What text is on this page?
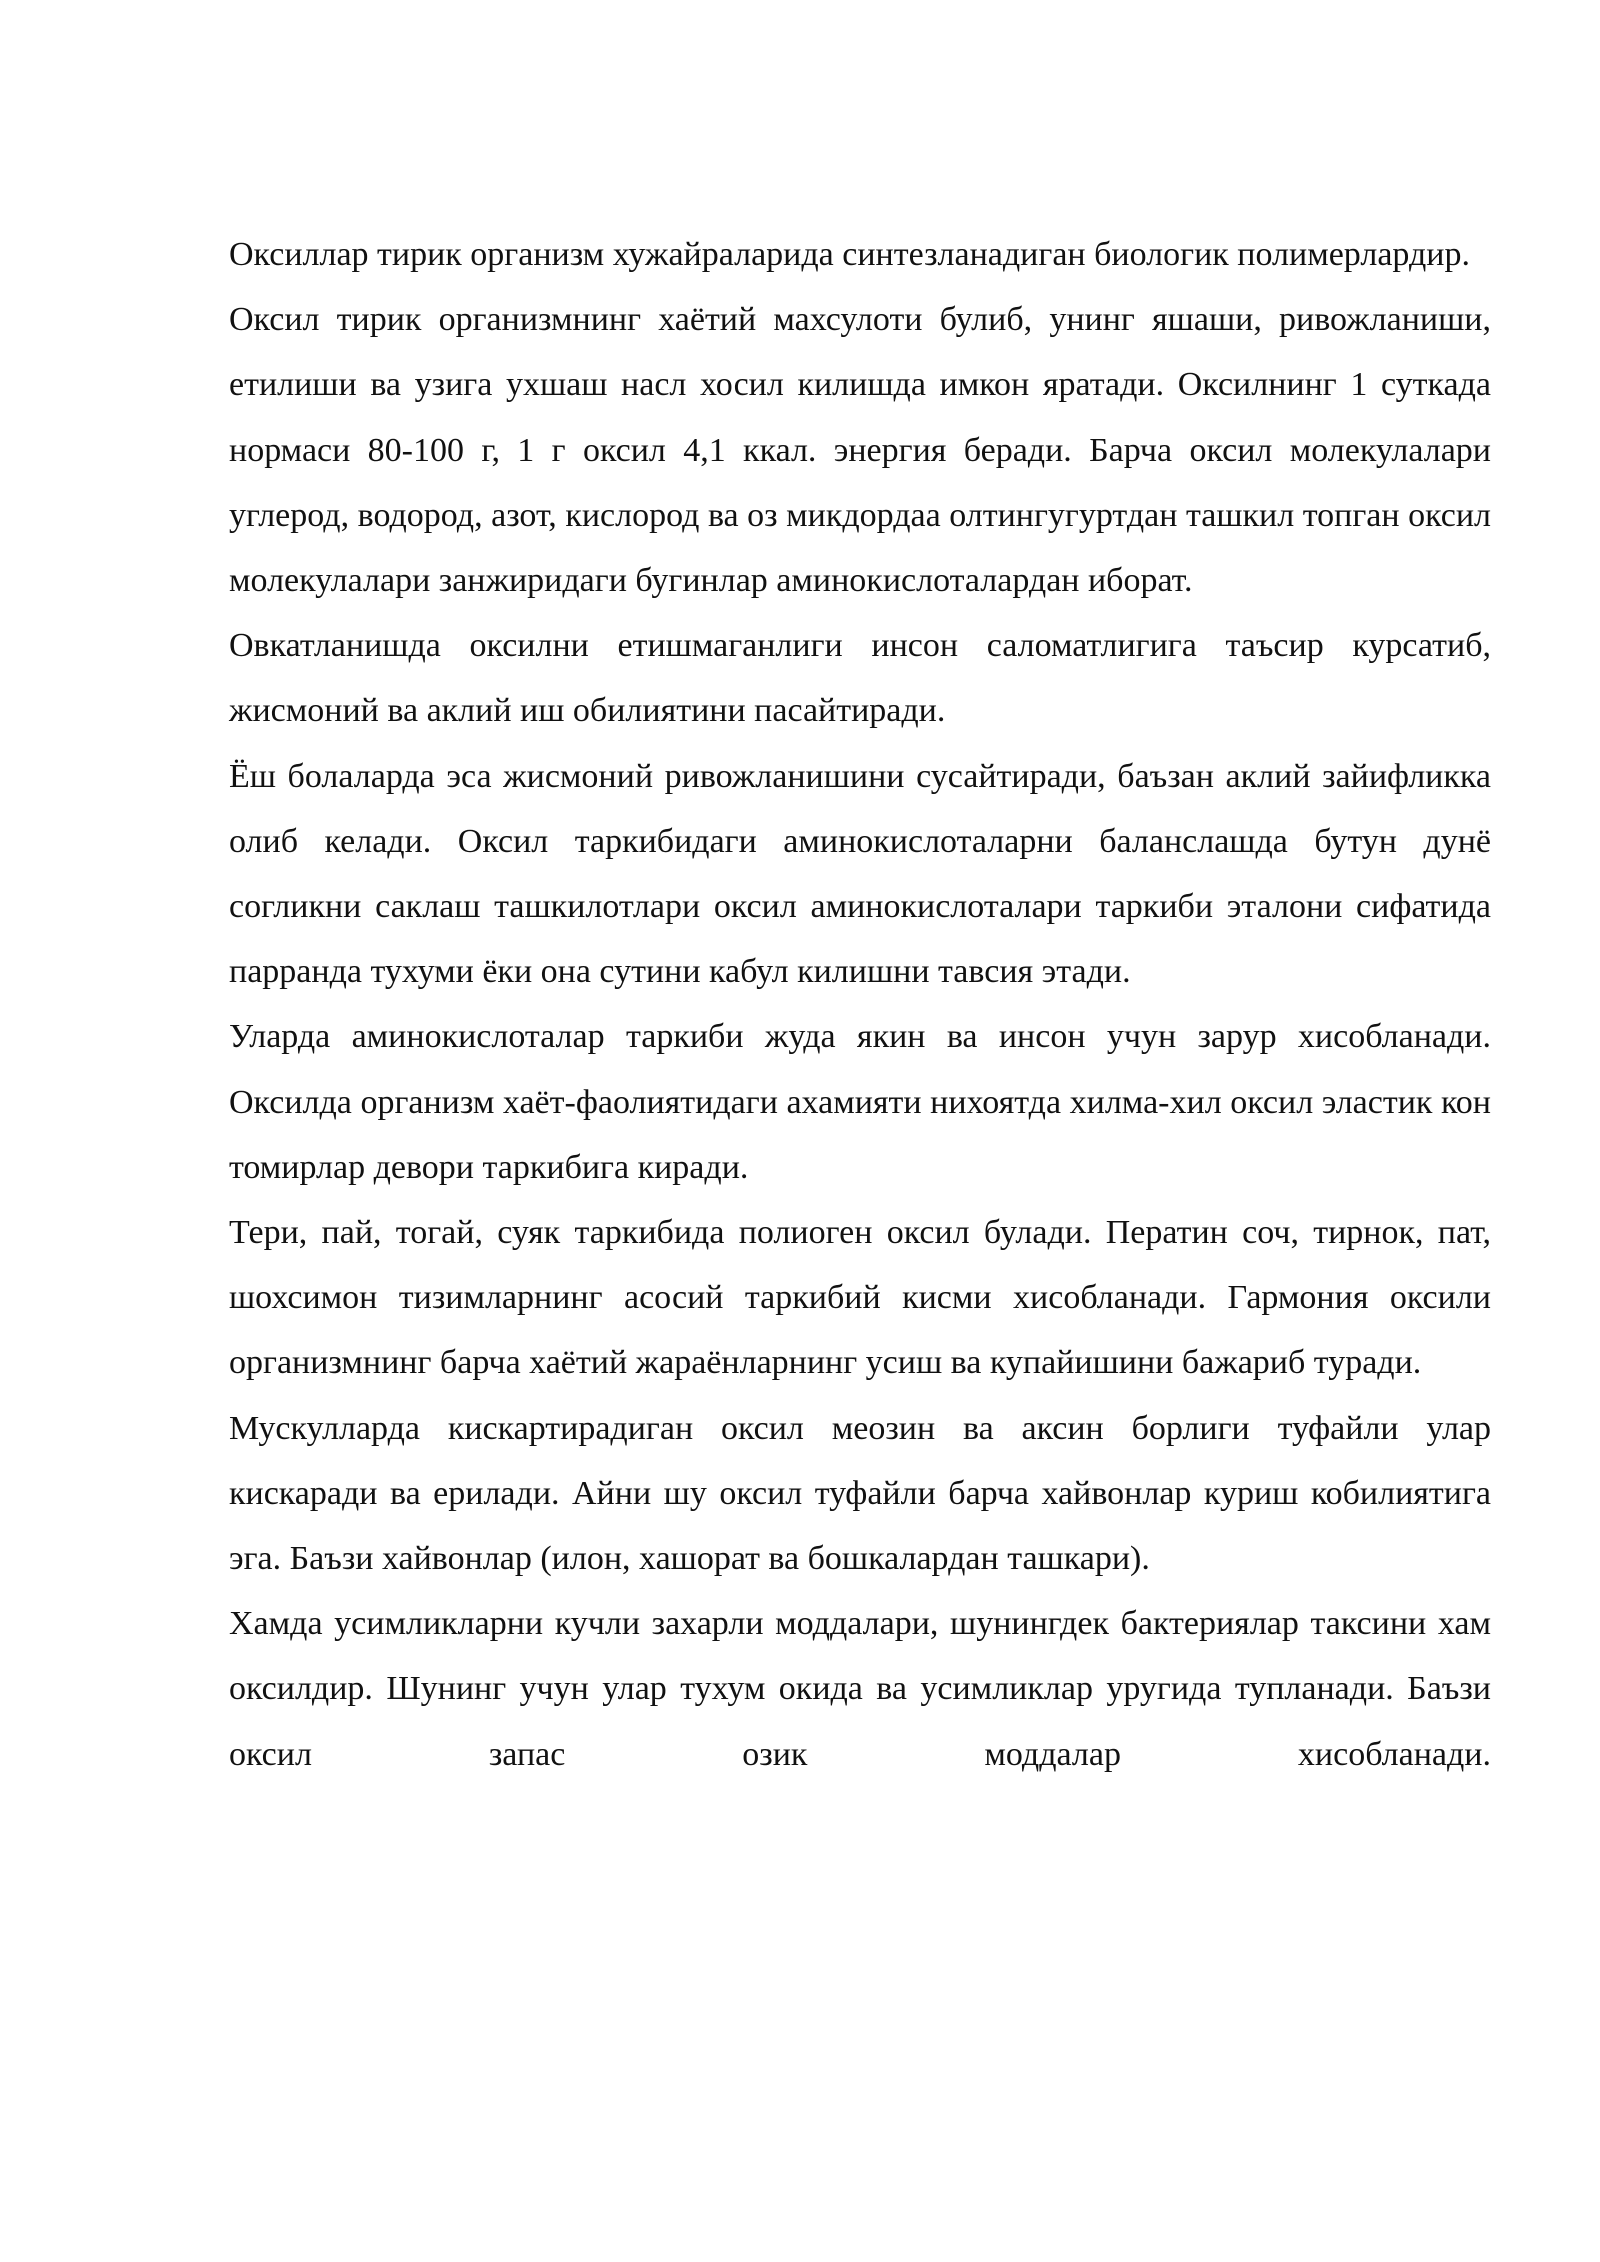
Оксиллар тирик организм хужайраларида синтезланадиган биологик полимерлардир.

Оксил тирик организмнинг хаётий махсулоти булиб, унинг яшаши, ривожланиши, етилиши ва узига ухшаш насл хосил килишда имкон яратади. Оксилнинг 1 суткада нормаси 80-100 г, 1 г оксил 4,1 ккал. энергия беради. Барча оксил молекулалари углерод, водород, азот, кислород ва оз микдордаа олтингугуртдан ташкил топган оксил молекулалари занжиридаги бугинлар аминокислоталардан иборат.

Овкатланишда оксилни етишмаганлиги инсон саломатлигига таъсир курсатиб, жисмоний ва аклий иш обилиятини пасайтиради.

Ёш болаларда эса жисмоний ривожланишини сусайтиради, баъзан аклий зайифликка олиб келади. Оксил таркибидаги аминокислоталарни баланслашда бутун дунё согликни саклаш ташкилотлари оксил аминокислоталари таркиби эталони сифатида парранда тухуми ёки она сутини кабул килишни тавсия этади.

Уларда аминокислоталар таркиби жуда якин ва инсон учун зарур хисобланади. Оксилда организм хаёт-фаолиятидаги ахамияти нихоятда хилма-хил оксил эластик кон томирлар девори таркибига киради.

Тери, пай, тогай, суяк таркибида полиоген оксил булади. Ператин соч, тирнок, пат, шохсимон тизимларнинг асосий таркибий кисми хисобланади. Гармония оксили организмнинг барча хаётий жараёнларнинг усиш ва купайишини бажариб туради.

Мускулларда кискартирадиган оксил меозин ва аксин борлиги туфайли улар кискаради ва ерилади. Айни шу оксил туфайли барча хайвонлар куриш кобилиятига эга. Баъзи хайвонлар (илон, хашорат ва бошкалардан ташкари).

Хамда усимликларни кучли захарли моддалари, шунингдек бактериялар таксини хам оксилдир. Шунинг учун улар тухум окида ва усимликлар уругида тупланади. Баъзи оксил запас озик моддалар хисобланади.
